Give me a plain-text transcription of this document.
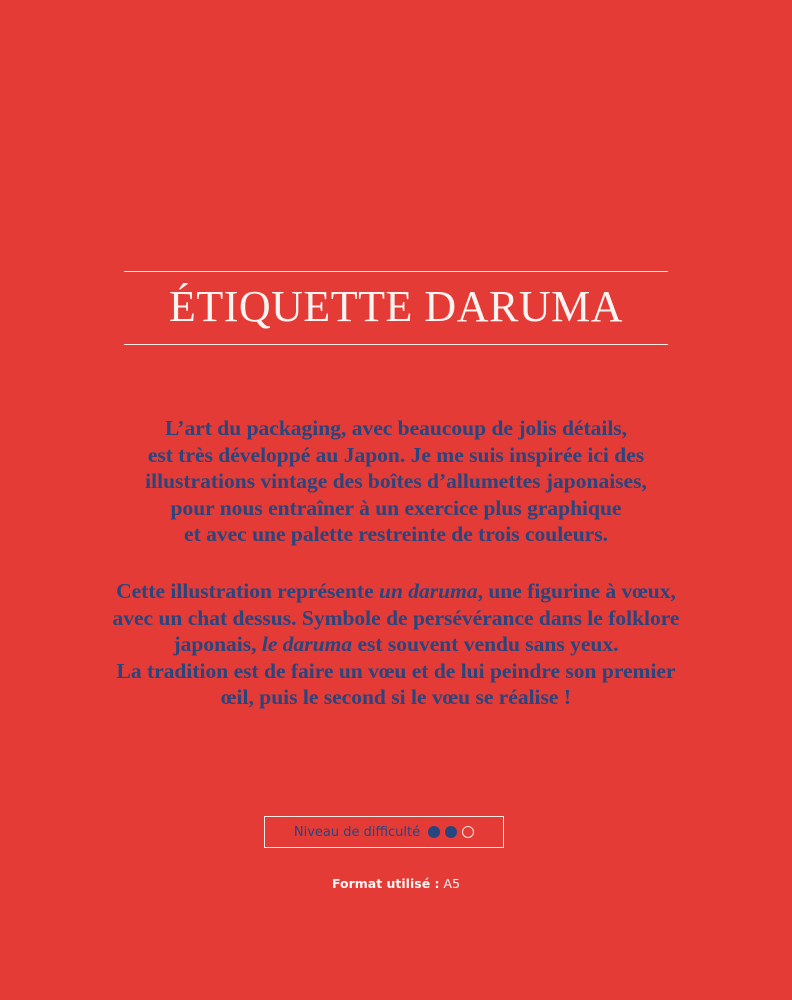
ÉTIQUETTE DARUMA
L’art du packaging, avec beaucoup de jolis détails,
est très développé au Japon. Je me suis inspirée ici des
illustrations vintage des boîtes d’allumettes japonaises,
pour nous entraîner à un exercice plus graphique
et avec une palette restreinte de trois couleurs.
Cette illustration représente un daruma, une figurine à vœux,
avec un chat dessus. Symbole de persévérance dans le folklore
japonais, le daruma est souvent vendu sans yeux.
La tradition est de faire un vœu et de lui peindre son premier
œil, puis le second si le vœu se réalise !
Niveau de difficulté
Format utilisé : A5
